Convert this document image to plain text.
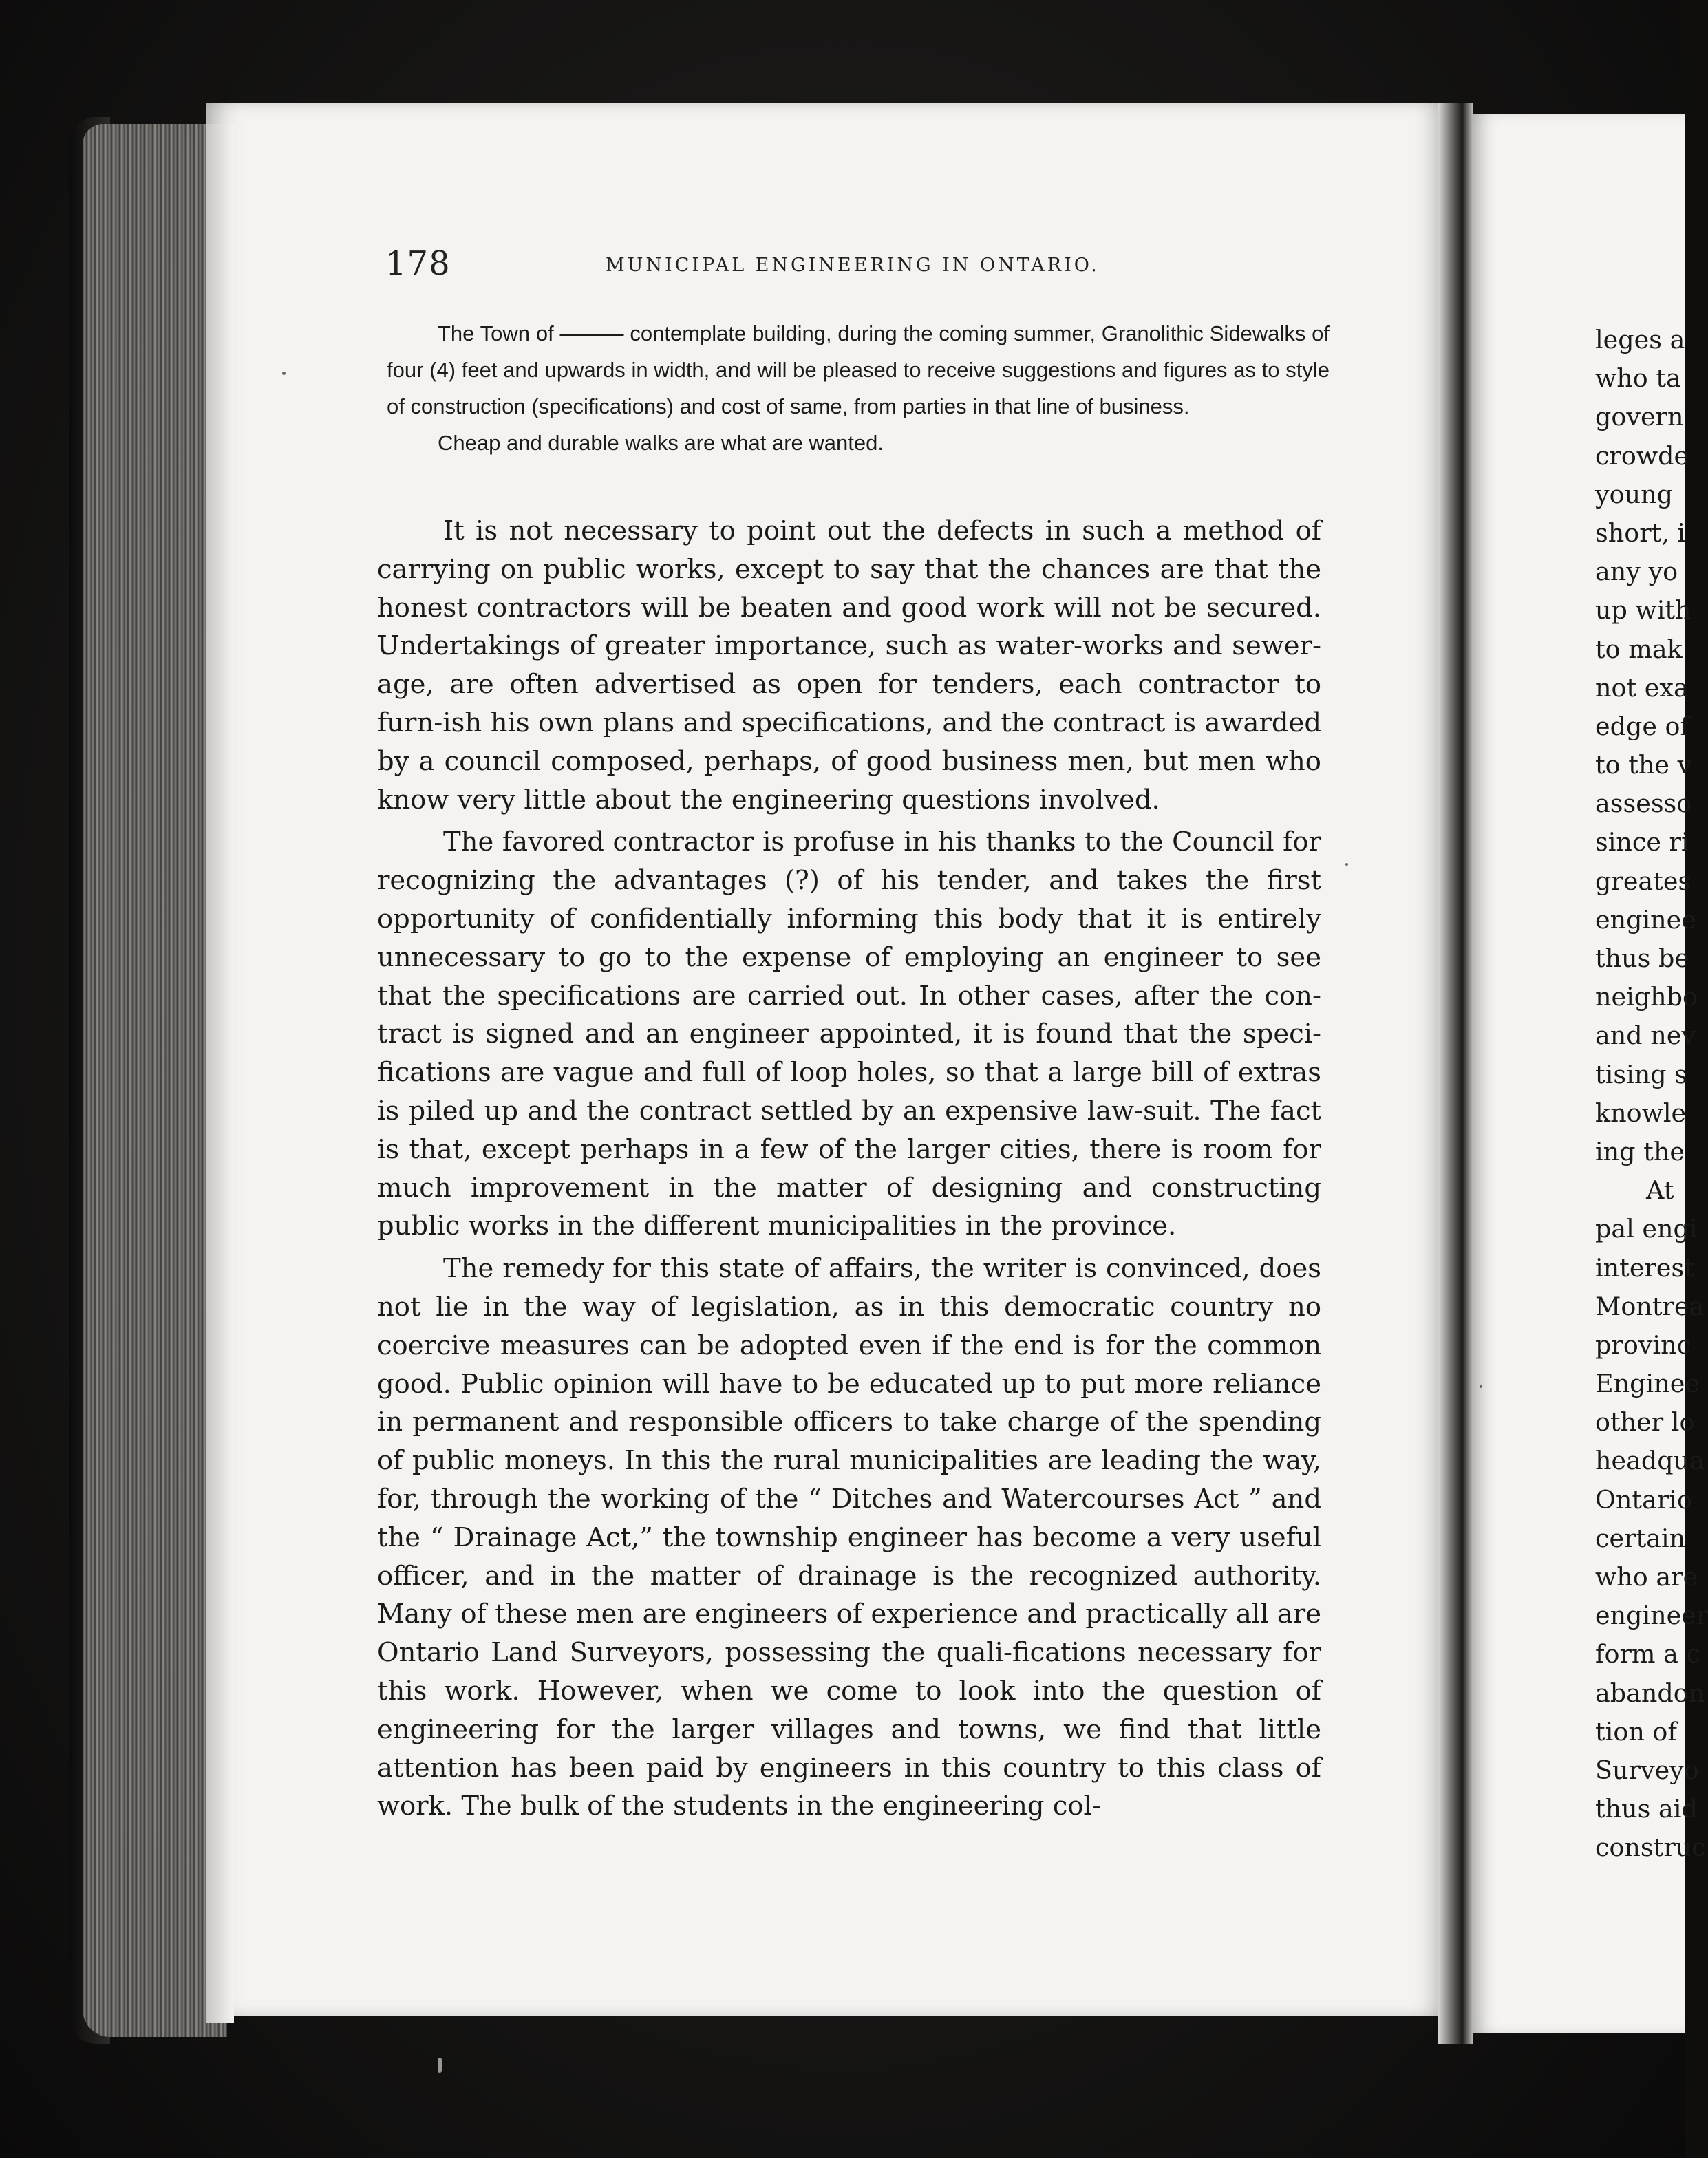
178	MUNICIPAL ENGINEERING IN ONTARIO.

The Town of ——— contemplate building, during the coming summer, Granolithic Sidewalks of four (4) feet and upwards in width, and will be pleased to receive suggestions and figures as to style of construction (specifications) and cost of same, from parties in that line of business.

Cheap and durable walks are what are wanted.

It is not necessary to point out the defects in such a method of carrying on public works, except to say that the chances are that the honest contractors will be beaten and good work will not be secured. Undertakings of greater importance, such as water-works and sewer-age, are often advertised as open for tenders, each contractor to furn-ish his own plans and specifications, and the contract is awarded by a council composed, perhaps, of good business men, but men who know very little about the engineering questions involved.

The favored contractor is profuse in his thanks to the Council for recognizing the advantages (?) of his tender, and takes the first opportunity of confidentially informing this body that it is entirely unnecessary to go to the expense of employing an engineer to see that the specifications are carried out. In other cases, after the con-tract is signed and an engineer appointed, it is found that the speci-fications are vague and full of loop holes, so that a large bill of extras is piled up and the contract settled by an expensive law-suit. The fact is that, except perhaps in a few of the larger cities, there is room for much improvement in the matter of designing and constructing public works in the different municipalities in the province.

The remedy for this state of affairs, the writer is convinced, does not lie in the way of legislation, as in this democratic country no coercive measures can be adopted even if the end is for the common good. Public opinion will have to be educated up to put more reliance in permanent and responsible officers to take charge of the spending of public moneys. In this the rural municipalities are leading the way, for, through the working of the “ Ditches and Watercourses Act ” and the “ Drainage Act,” the township engineer has become a very useful officer, and in the matter of drainage is the recognized authority. Many of these men are engineers of experience and practically all are Ontario Land Surveyors, possessing the quali-fications necessary for this work. However, when we come to look into the question of engineering for the larger villages and towns, we find that little attention has been paid by engineers in this country to this class of work. The bulk of the students in the engineering col-

leges a
who ta
govern
crowde
young
short, i
any yo
up with
to mak
not exa
edge of
to the v
assesso
since ri
greates
enginee
thus be
neighbo
and nev
tising s
knowle
ing the
At
pal engi
interest
Montrea
provinc
Enginee
other lo
headqua
Ontario
certain
who are
engineer
form a c
abandon
tion of
Surveyo
thus aid
construc
